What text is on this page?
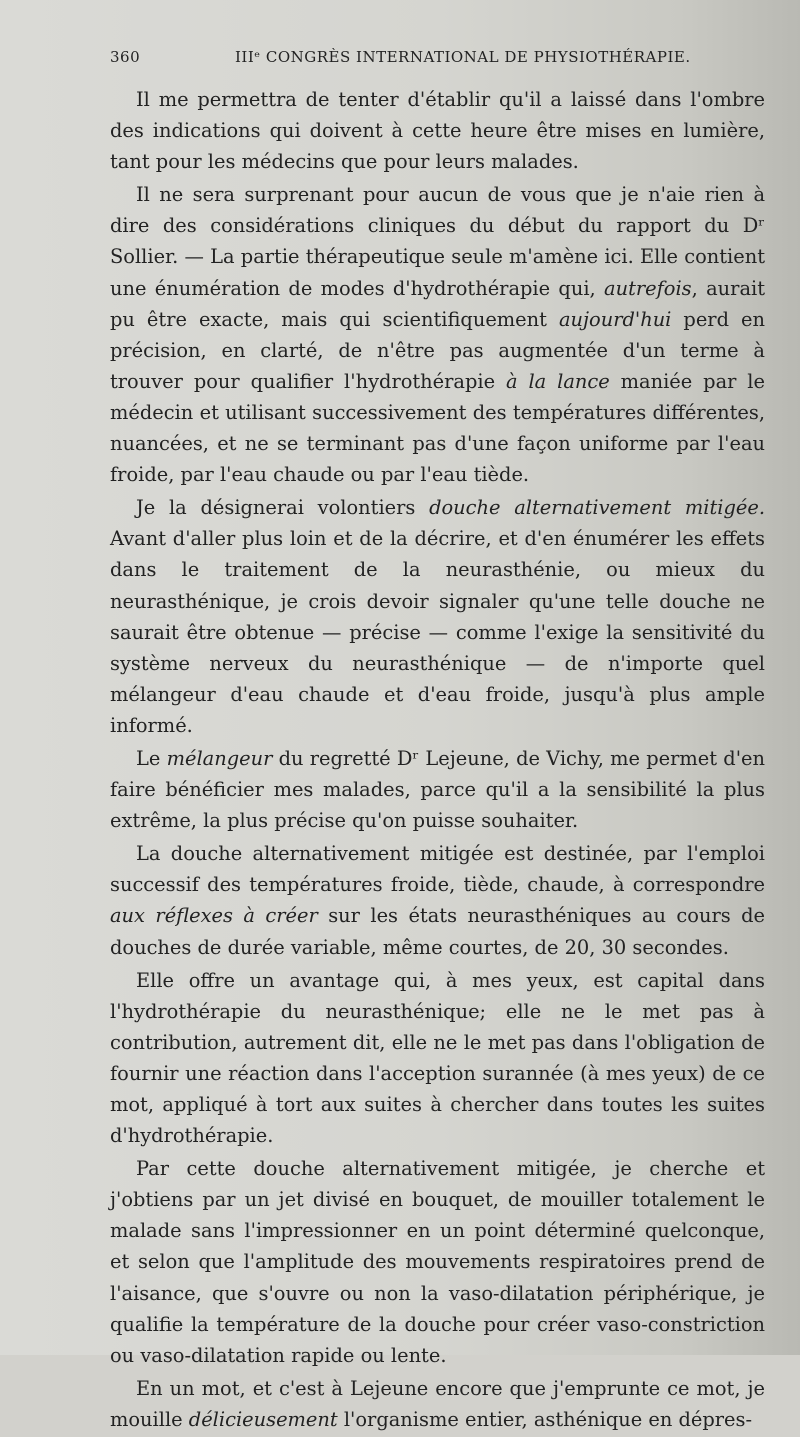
360	IIIᵉ CONGRÈS INTERNATIONAL DE PHYSIOTHÉRAPIE.

Il me permettra de tenter d'établir qu'il a laissé dans l'ombre des indications qui doivent à cette heure être mises en lumière, tant pour les médecins que pour leurs malades.

Il ne sera surprenant pour aucun de vous que je n'aie rien à dire des considérations cliniques du début du rapport du Dʳ Sollier. — La partie thérapeutique seule m'amène ici. Elle contient une énumération de modes d'hydrothérapie qui, autrefois, aurait pu être exacte, mais qui scientifiquement aujourd'hui perd en précision, en clarté, de n'être pas augmentée d'un terme à trouver pour qualifier l'hydrothérapie à la lance maniée par le médecin et utilisant successivement des températures différentes, nuancées, et ne se terminant pas d'une façon uniforme par l'eau froide, par l'eau chaude ou par l'eau tiède.

Je la désignerai volontiers douche alternativement mitigée. Avant d'aller plus loin et de la décrire, et d'en énumérer les effets dans le traitement de la neurasthénie, ou mieux du neurasthénique, je crois devoir signaler qu'une telle douche ne saurait être obtenue — précise — comme l'exige la sensitivité du système nerveux du neurasthénique — de n'importe quel mélangeur d'eau chaude et d'eau froide, jusqu'à plus ample informé.

Le mélangeur du regretté Dʳ Lejeune, de Vichy, me permet d'en faire bénéficier mes malades, parce qu'il a la sensibilité la plus extrême, la plus précise qu'on puisse souhaiter.

La douche alternativement mitigée est destinée, par l'emploi successif des températures froide, tiède, chaude, à correspondre aux réflexes à créer sur les états neurasthéniques au cours de douches de durée variable, même courtes, de 20, 30 secondes.

Elle offre un avantage qui, à mes yeux, est capital dans l'hydrothérapie du neurasthénique; elle ne le met pas à contribution, autrement dit, elle ne le met pas dans l'obligation de fournir une réaction dans l'acception surannée (à mes yeux) de ce mot, appliqué à tort aux suites à chercher dans toutes les suites d'hydrothérapie.

Par cette douche alternativement mitigée, je cherche et j'obtiens par un jet divisé en bouquet, de mouiller totalement le malade sans l'impressionner en un point déterminé quelconque, et selon que l'amplitude des mouvements respiratoires prend de l'aisance, que s'ouvre ou non la vaso-dilatation périphérique, je qualifie la température de la douche pour créer vaso-constriction ou vaso-dilatation rapide ou lente.

En un mot, et c'est à Lejeune encore que j'emprunte ce mot, je mouille délicieusement l'organisme entier, asthénique en dépres-
